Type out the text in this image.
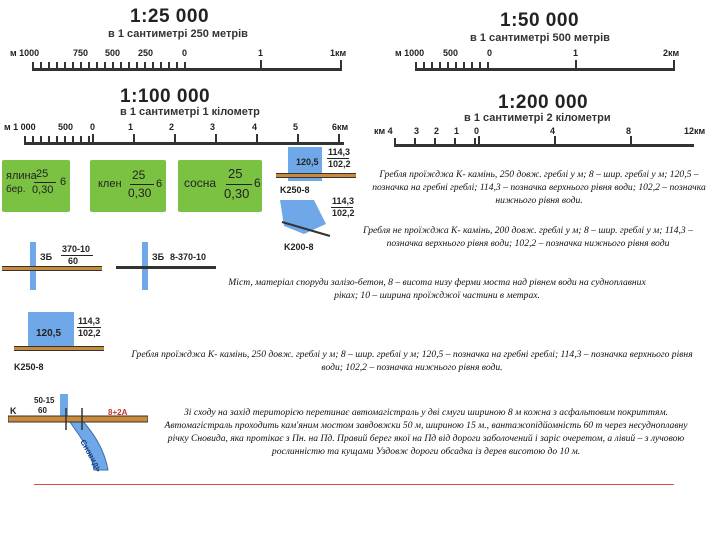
1:25 000
в 1 сантиметрі 250 метрів
м 1000	750 500 250	0	1	1км
1:50 000
в 1 сантиметрі 500 метрів
м 1000 500	0	1	2км
1:100 000
в 1 сантиметрі 1 кілометр
м 1 000 500 0	1	2	3	4	5	6км
1:200 000
в 1 сантиметрі 2 кілометри
км 4 3 2 1 0	4	8	12км
ялина
бер.
25
0,30
6	клен
25
0,30
6 сосна
25
0,30
6
120,5
114,3
102,2
K250-8
114,3
102,2
K200-8
ЗБ
370-10
60	ЗБ 8-370-10
120,5
114,3
102,2
K250-8
K
50-15
60	8+2A
Сновидь
Гребля проїжджа К- камінь, 250 довж. греблі у м; 8 – шир. греблі у м; 120,5 – позначка на гребні греблі; 114,3 – позначка верхнього рівня води; 102,2 – позначка нижнього рівня води.
Гребля не проїжджа К- камінь, 200 довж. греблі у м; 8 – шир. греблі у м; 114,3 – позначка верхнього рівня води; 102,2 – позначка нижнього рівня води
Міст, матеріал споруди залізо-бетон, 8 – висота низу ферми моста над рівнем води на судноплавних ріках; 10 – ширина проїжджої частини в метрах.
Гребля проїжджа К- камінь, 250 довж. греблі у м; 8 – шир. греблі у м; 120,5 – позначка на гребні греблі; 114,3 – позначка верхнього рівня води; 102,2 – позначка нижнього рівня води.
Зі сходу на захід територією перетинає автомагістраль у дві смуги шириною 8 м кожна з асфальтовим покриттям. Автомагістраль проходить кам'яним мостом завдовжки 50 м, шириною 15 м., вантажопідйомність 60 т через несудноплавну річку Сновида, яка протікає з Пн. на Пд. Правий берег якої на Пд від дороги заболочений і заріс очеретом, а лівий – з лучовою рослинністю та кущами Уздовж дороги обсадка із дерев висотою до 10 м.
